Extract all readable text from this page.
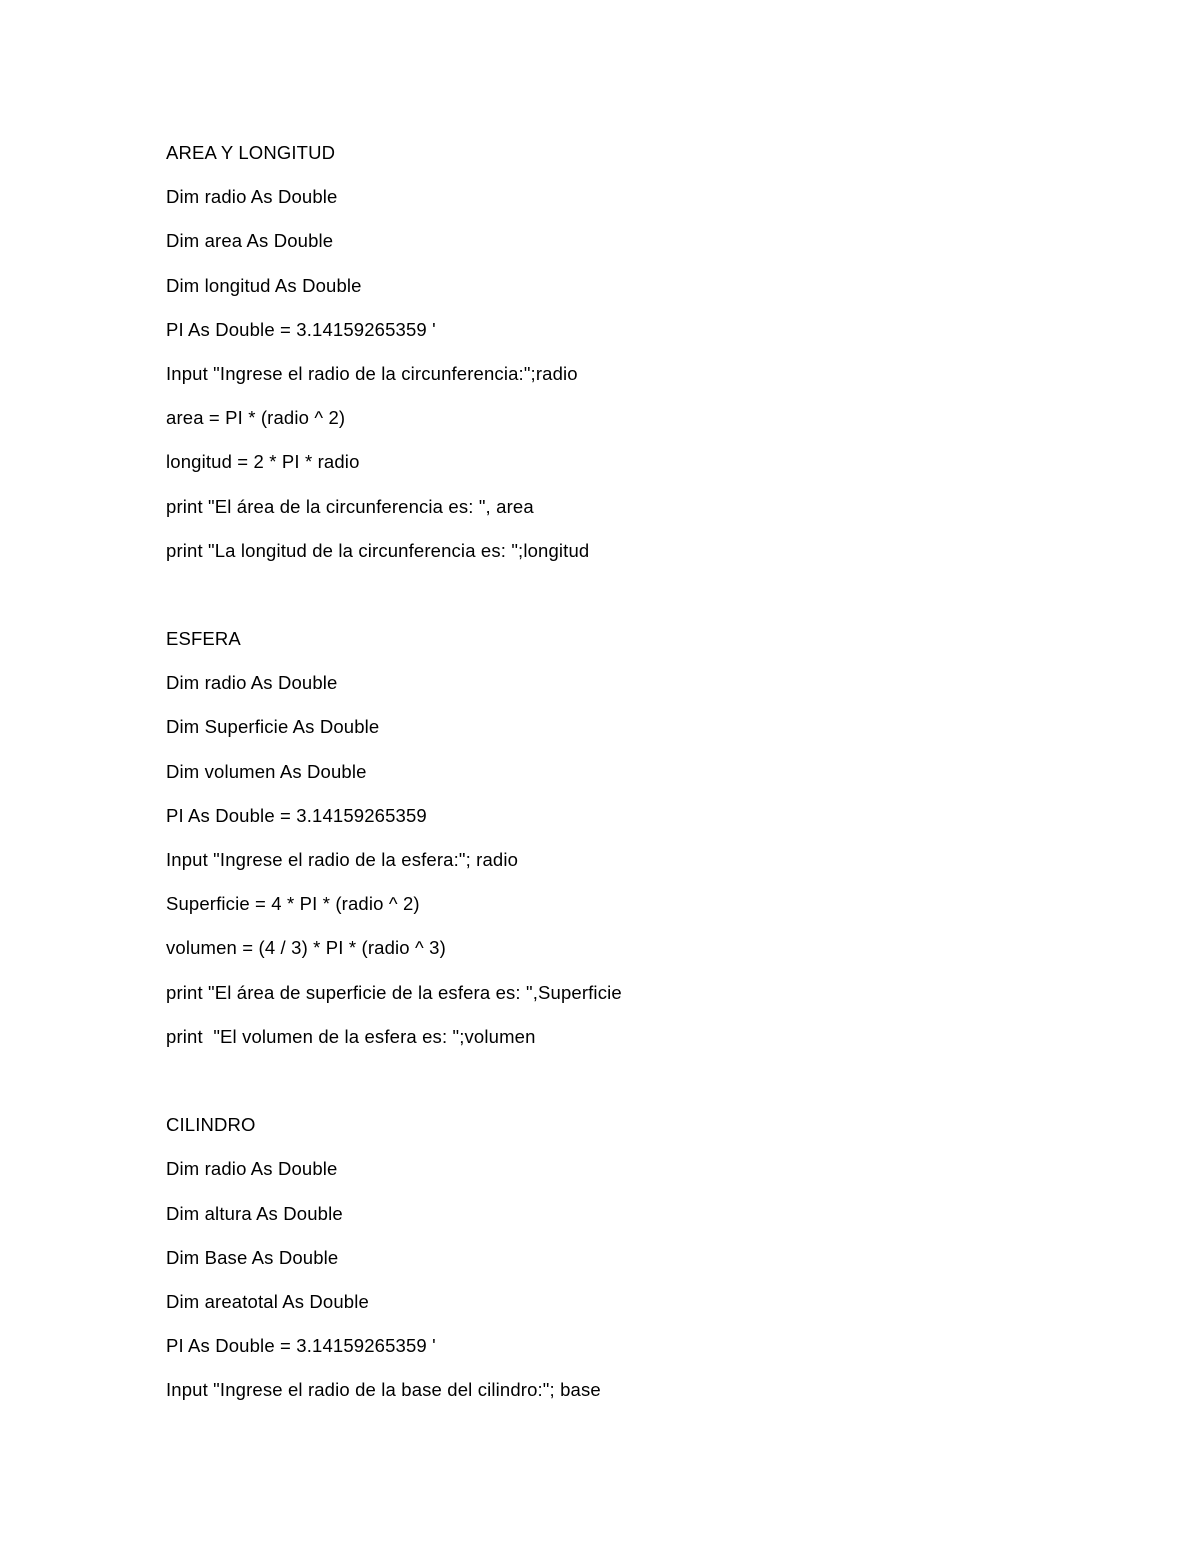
AREA Y LONGITUD
Dim radio As Double
Dim area As Double
Dim longitud As Double
PI As Double = 3.14159265359 '
Input "Ingrese el radio de la circunferencia:";radio
area = PI * (radio ^ 2)
longitud = 2 * PI * radio
print "El área de la circunferencia es: ", area
print "La longitud de la circunferencia es: ";longitud
ESFERA
Dim radio As Double
Dim Superficie As Double
Dim volumen As Double
PI As Double = 3.14159265359
Input "Ingrese el radio de la esfera:"; radio
Superficie = 4 * PI * (radio ^ 2)
volumen = (4 / 3) * PI * (radio ^ 3)
print "El área de superficie de la esfera es: ",Superficie
print  "El volumen de la esfera es: ";volumen
CILINDRO
Dim radio As Double
Dim altura As Double
Dim Base As Double
Dim areatotal As Double
PI As Double = 3.14159265359 '
Input "Ingrese el radio de la base del cilindro:"; base
